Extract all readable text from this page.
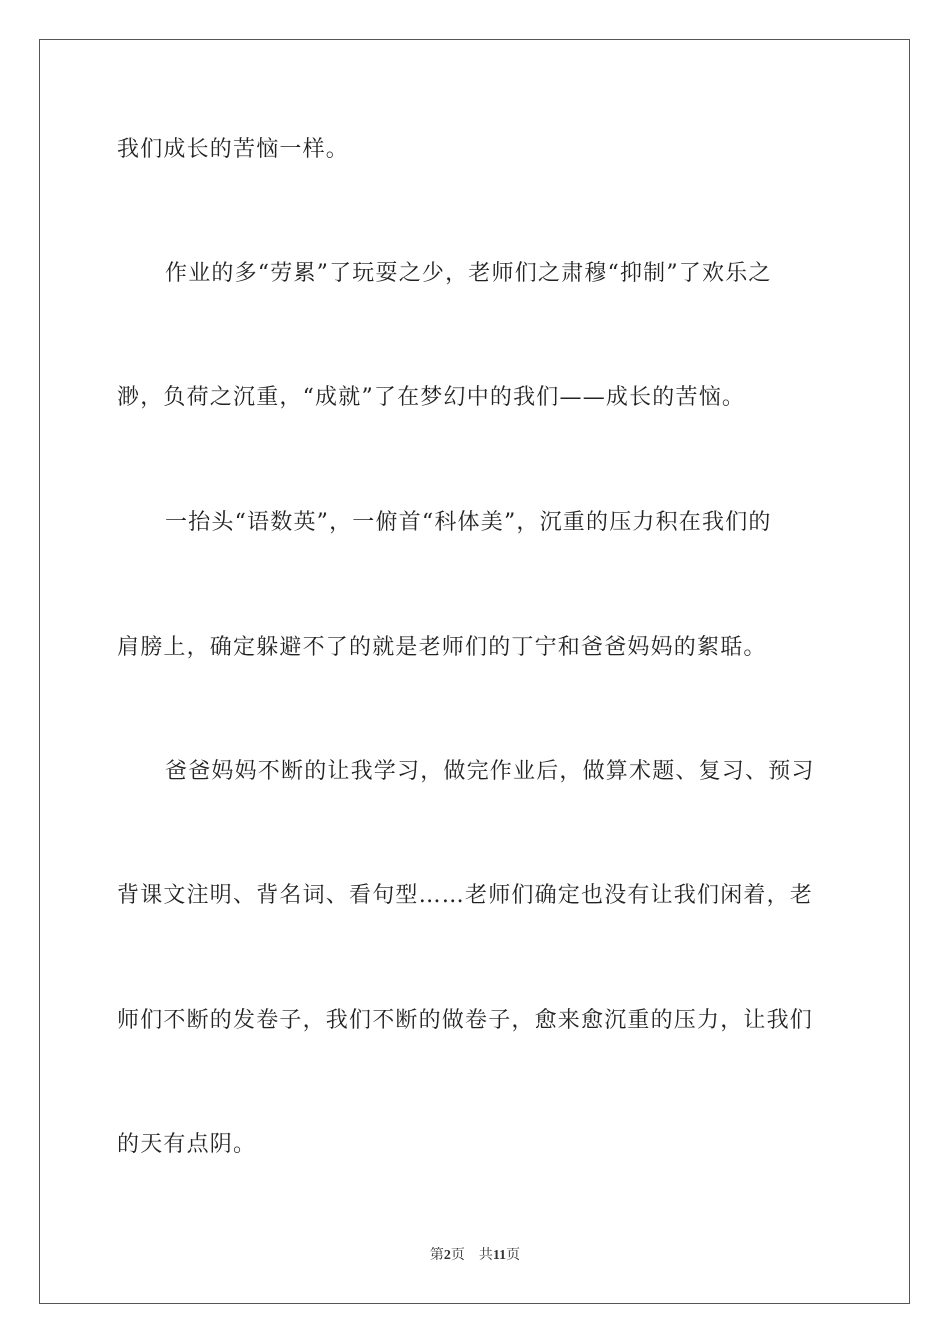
我们成长的苦恼一样。
作业的多“劳累”了玩耍之少，老师们之肃穆“抑制”了欢乐之
渺，负荷之沉重，“成就”了在梦幻中的我们——成长的苦恼。
一抬头“语数英”，一俯首“科体美”，沉重的压力积在我们的
肩膀上，确定躲避不了的就是老师们的丁宁和爸爸妈妈的絮聒。
爸爸妈妈不断的让我学习，做完作业后，做算术题、复习、预习
背课文注明、背名词、看句型……老师们确定也没有让我们闲着，老
师们不断的发卷子，我们不断的做卷子，愈来愈沉重的压力，让我们
的天有点阴。
第2页 共11页
